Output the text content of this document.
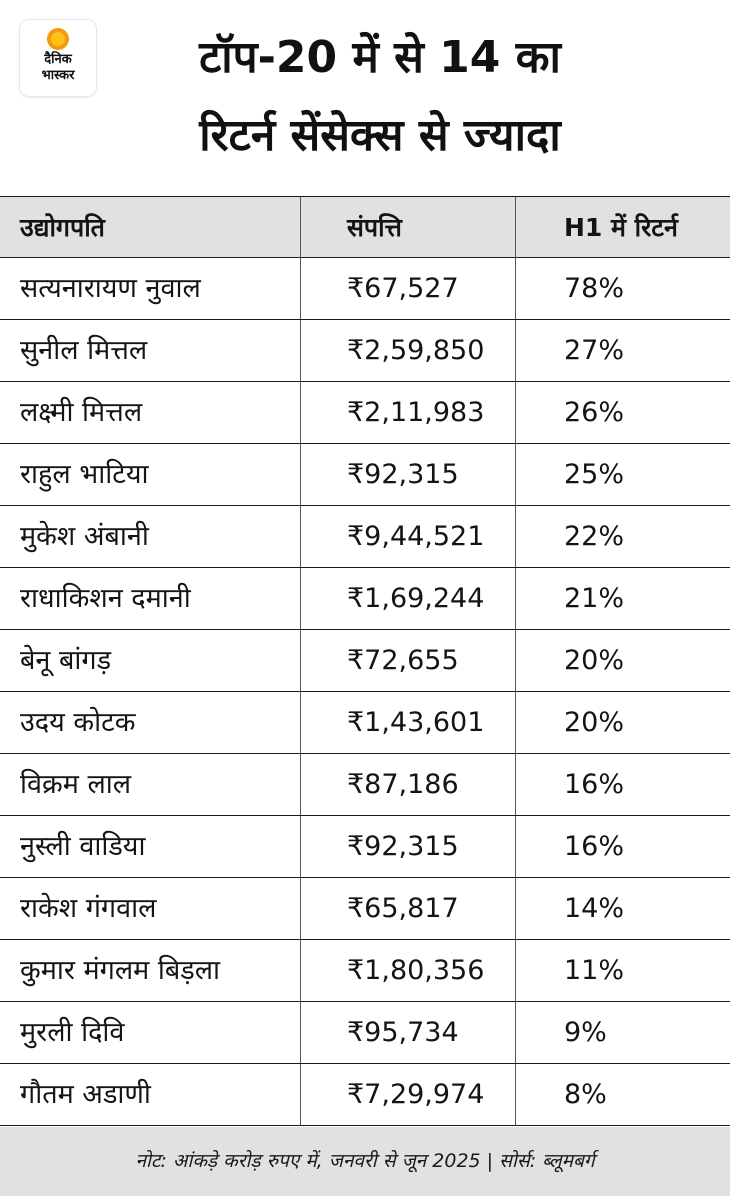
दैनिक
भास्कर	टॉप-20 में से 14 का
रिटर्न सेंसेक्स से ज्यादा
उद्योगपति	संपत्ति	H1 में रिटर्न
सत्यनारायण नुवाल	₹67,527	78%
सुनील मित्तल	₹2,59,850	27%
लक्ष्मी मित्तल	₹2,11,983	26%
राहुल भाटिया	₹92,315	25%
मुकेश अंबानी	₹9,44,521	22%
राधाकिशन दमानी	₹1,69,244	21%
बेनू बांगड़	₹72,655	20%
उदय कोटक	₹1,43,601	20%
विक्रम लाल	₹87,186	16%
नुस्ली वाडिया	₹92,315	16%
राकेश गंगवाल	₹65,817	14%
कुमार मंगलम बिड़ला	₹1,80,356	11%
मुरली दिवि	₹95,734	9%
गौतम अडाणी	₹7,29,974	8%
नोट: आंकड़े करोड़ रुपए में, जनवरी से जून 2025 | सोर्स: ब्लूमबर्ग
